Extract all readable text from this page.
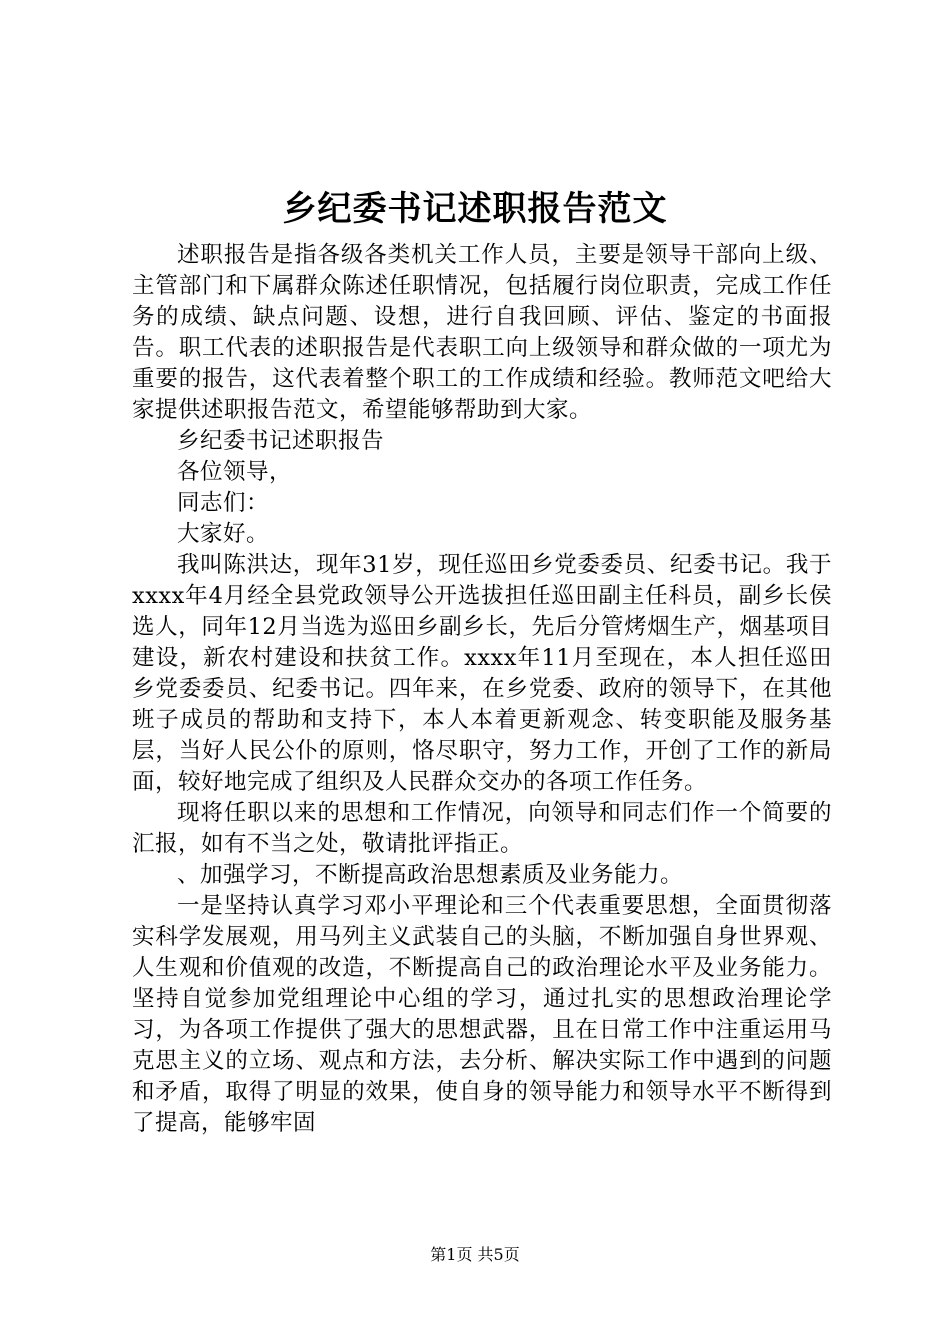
乡纪委书记述职报告范文

述职报告是指各级各类机关工作人员，主要是领导干部向上级、主管部门和下属群众陈述任职情况，包括履行岗位职责，完成工作任务的成绩、缺点问题、设想，进行自我回顾、评估、鉴定的书面报告。职工代表的述职报告是代表职工向上级领导和群众做的一项尤为重要的报告，这代表着整个职工的工作成绩和经验。教师范文吧给大家提供述职报告范文，希望能够帮助到大家。

乡纪委书记述职报告

各位领导，

同志们：

大家好。

我叫陈洪达，现年31岁，现任巡田乡党委委员、纪委书记。我于xxxx年4月经全县党政领导公开选拔担任巡田副主任科员，副乡长侯选人，同年12月当选为巡田乡副乡长，先后分管烤烟生产，烟基项目建设，新农村建设和扶贫工作。xxxx年11月至现在，本人担任巡田乡党委委员、纪委书记。四年来，在乡党委、政府的领导下，在其他班子成员的帮助和支持下，本人本着更新观念、转变职能及服务基层，当好人民公仆的原则，恪尽职守，努力工作，开创了工作的新局面，较好地完成了组织及人民群众交办的各项工作任务。

现将任职以来的思想和工作情况，向领导和同志们作一个简要的汇报，如有不当之处，敬请批评指正。

、加强学习，不断提高政治思想素质及业务能力。

一是坚持认真学习邓小平理论和三个代表重要思想，全面贯彻落实科学发展观，用马列主义武装自己的头脑，不断加强自身世界观、人生观和价值观的改造，不断提高自己的政治理论水平及业务能力。坚持自觉参加党组理论中心组的学习，通过扎实的思想政治理论学习，为各项工作提供了强大的思想武器，且在日常工作中注重运用马克思主义的立场、观点和方法，去分析、解决实际工作中遇到的问题和矛盾，取得了明显的效果，使自身的领导能力和领导水平不断得到了提高，能够牢固

第1页 共5页
